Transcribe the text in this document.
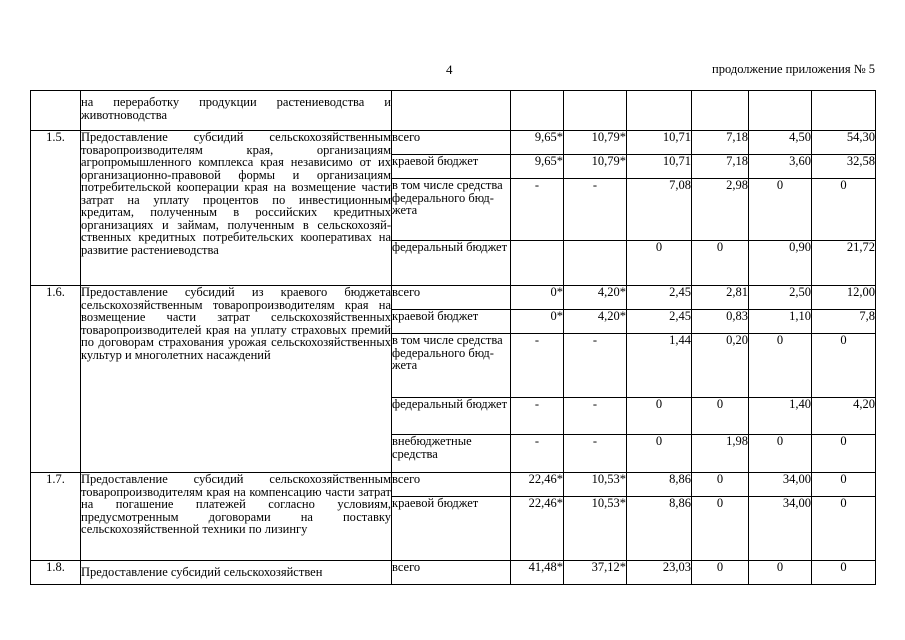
4	продолжение приложения № 5
	на переработку продукции растениеводства и животноводства							
1.5.	Предоставление субсидий сельскохозяйственным товаропроизводителям края, организациям агропромышленного комплекса края независимо от их организационно-правовой формы и организациям потребительской кооперации края на возмещение части затрат на уплату процентов по инвестиционным кредитам, полученным в российских кредитных организациях и займам, полученным в сельскохозяйственных кредитных потребительских кооперативах на развитие растениеводства	всего	9,65*	10,79*	10,71	7,18	4,50	54,30
		краевой бюджет	9,65*	10,79*	10,71	7,18	3,60	32,58
		в том числе средства федерального бюджета	-	-	7,08	2,98	0	0
		федеральный бюджет			0	0	0,90	21,72
1.6.	Предоставление субсидий из краевого бюджета сельскохозяйственным товаропроизводителям края на возмещение части затрат сельскохозяйственных товаропроизводителей края на уплату страховых премий по договорам страхования урожая сельскохозяйственных культур и многолетних насаждений	всего	0*	4,20*	2,45	2,81	2,50	12,00
		краевой бюджет	0*	4,20*	2,45	0,83	1,10	7,8
		в том числе средства федерального бюджета	-	-	1,44	0,20	0	0
		федеральный бюджет	-	-	0	0	1,40	4,20
		внебюджетные средства	-	-	0	1,98	0	0
1.7.	Предоставление субсидий сельскохозяйственным товаропроизводителям края на компенсацию части затрат на погашение платежей согласно условиям, предусмотренным договорами на поставку сельскохозяйственной техники по лизингу	всего	22,46*	10,53*	8,86	0	34,00	0
		краевой бюджет	22,46*	10,53*	8,86	0	34,00	0
1.8.	Предоставление субсидий сельскохозяйствен	всего	41,48*	37,12*	23,03	0	0	0
